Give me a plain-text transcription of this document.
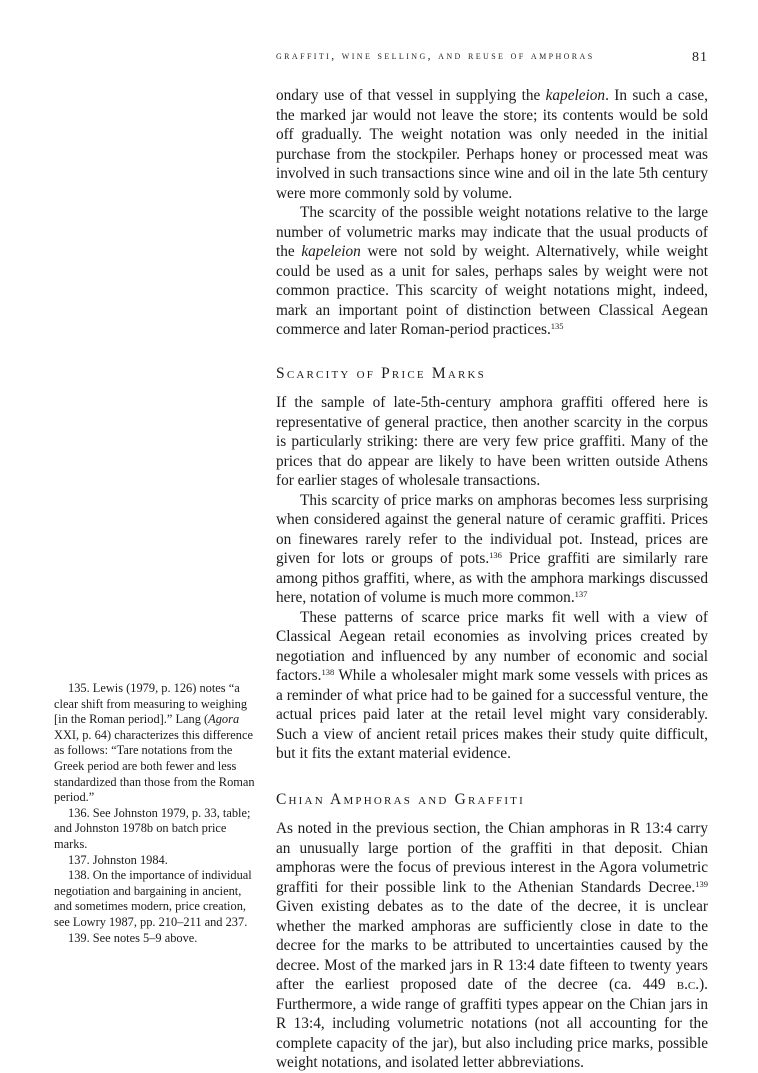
graffiti, wine selling, and reuse of amphoras	81

ondary use of that vessel in supplying the kapeleion. In such a case, the marked jar would not leave the store; its contents would be sold off gradually. The weight notation was only needed in the initial purchase from the stockpiler. Perhaps honey or processed meat was involved in such transactions since wine and oil in the late 5th century were more commonly sold by volume.

The scarcity of the possible weight notations relative to the large number of volumetric marks may indicate that the usual products of the kapeleion were not sold by weight. Alternatively, while weight could be used as a unit for sales, perhaps sales by weight were not common practice. This scarcity of weight notations might, indeed, mark an important point of distinction between Classical Aegean commerce and later Roman-period practices.$^{135}$

Scarcity of Price Marks

If the sample of late-5th-century amphora graffiti offered here is representative of general practice, then another scarcity in the corpus is particularly striking: there are very few price graffiti. Many of the prices that do appear are likely to have been written outside Athens for earlier stages of wholesale transactions.

This scarcity of price marks on amphoras becomes less surprising when considered against the general nature of ceramic graffiti. Prices on finewares rarely refer to the individual pot. Instead, prices are given for lots or groups of pots.$^{136}$ Price graffiti are similarly rare among pithos graffiti, where, as with the amphora markings discussed here, notation of volume is much more common.$^{137}$

These patterns of scarce price marks fit well with a view of Classical Aegean retail economies as involving prices created by negotiation and influenced by any number of economic and social factors.$^{138}$ While a wholesaler might mark some vessels with prices as a reminder of what price had to be gained for a successful venture, the actual prices paid later at the retail level might vary considerably. Such a view of ancient retail prices makes their study quite difficult, but it fits the extant material evidence.

Chian Amphoras and Graffiti

As noted in the previous section, the Chian amphoras in R 13:4 carry an unusually large portion of the graffiti in that deposit. Chian amphoras were the focus of previous interest in the Agora volumetric graffiti for their possible link to the Athenian Standards Decree.$^{139}$ Given existing debates as to the date of the decree, it is unclear whether the marked amphoras are sufficiently close in date to the decree for the marks to be attributed to uncertainties caused by the decree. Most of the marked jars in R 13:4 date fifteen to twenty years after the earliest proposed date of the decree (ca. 449 b.c.). Furthermore, a wide range of graffiti types appear on the Chian jars in R 13:4, including volumetric notations (not all accounting for the complete capacity of the jar), but also including price marks, possible weight notations, and isolated letter abbreviations.

135. Lewis (1979, p. 126) notes “a clear shift from measuring to weighing [in the Roman period].” Lang (Agora XXI, p. 64) characterizes this difference as follows: “Tare notations from the Greek period are both fewer and less standardized than those from the Roman period.”

136. See Johnston 1979, p. 33, table; and Johnston 1978b on batch price marks.

137. Johnston 1984.

138. On the importance of individual negotiation and bargaining in ancient, and sometimes modern, price creation, see Lowry 1987, pp. 210–211 and 237.

139. See notes 5–9 above.
